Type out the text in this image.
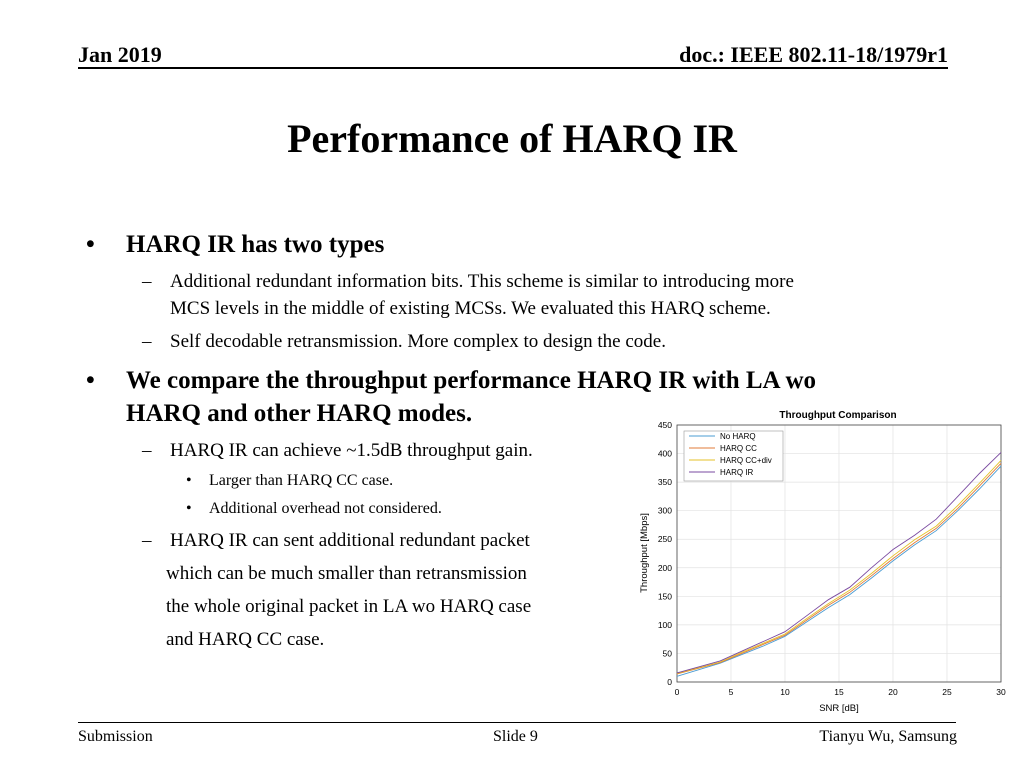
Jan 2019	doc.: IEEE 802.11-18/1979r1
Performance of HARQ IR
• HARQ IR has two types
– Additional redundant information bits. This scheme is similar to introducing more
MCS levels in the middle of existing MCSs. We evaluated this HARQ scheme.
– Self decodable retransmission. More complex to design the code.
• We compare the throughput performance HARQ IR with LA wo
HARQ and other HARQ modes.
– HARQ IR can achieve ~1.5dB throughput gain.
• Larger than HARQ CC case.
• Additional overhead not considered.
– HARQ IR can sent additional redundant packet
which can be much smaller than retransmission
the whole original packet in LA wo HARQ case
and HARQ CC case.
Throughput Comparison
0
50
100
150
200
250
300
350
400
450
0	5	10	15	20	25	30
SNR [dB]
Throughput [Mbps]
No HARQ
HARQ CC
HARQ CC+div
HARQ IR
Submission	Slide 9	Tianyu Wu, Samsung
